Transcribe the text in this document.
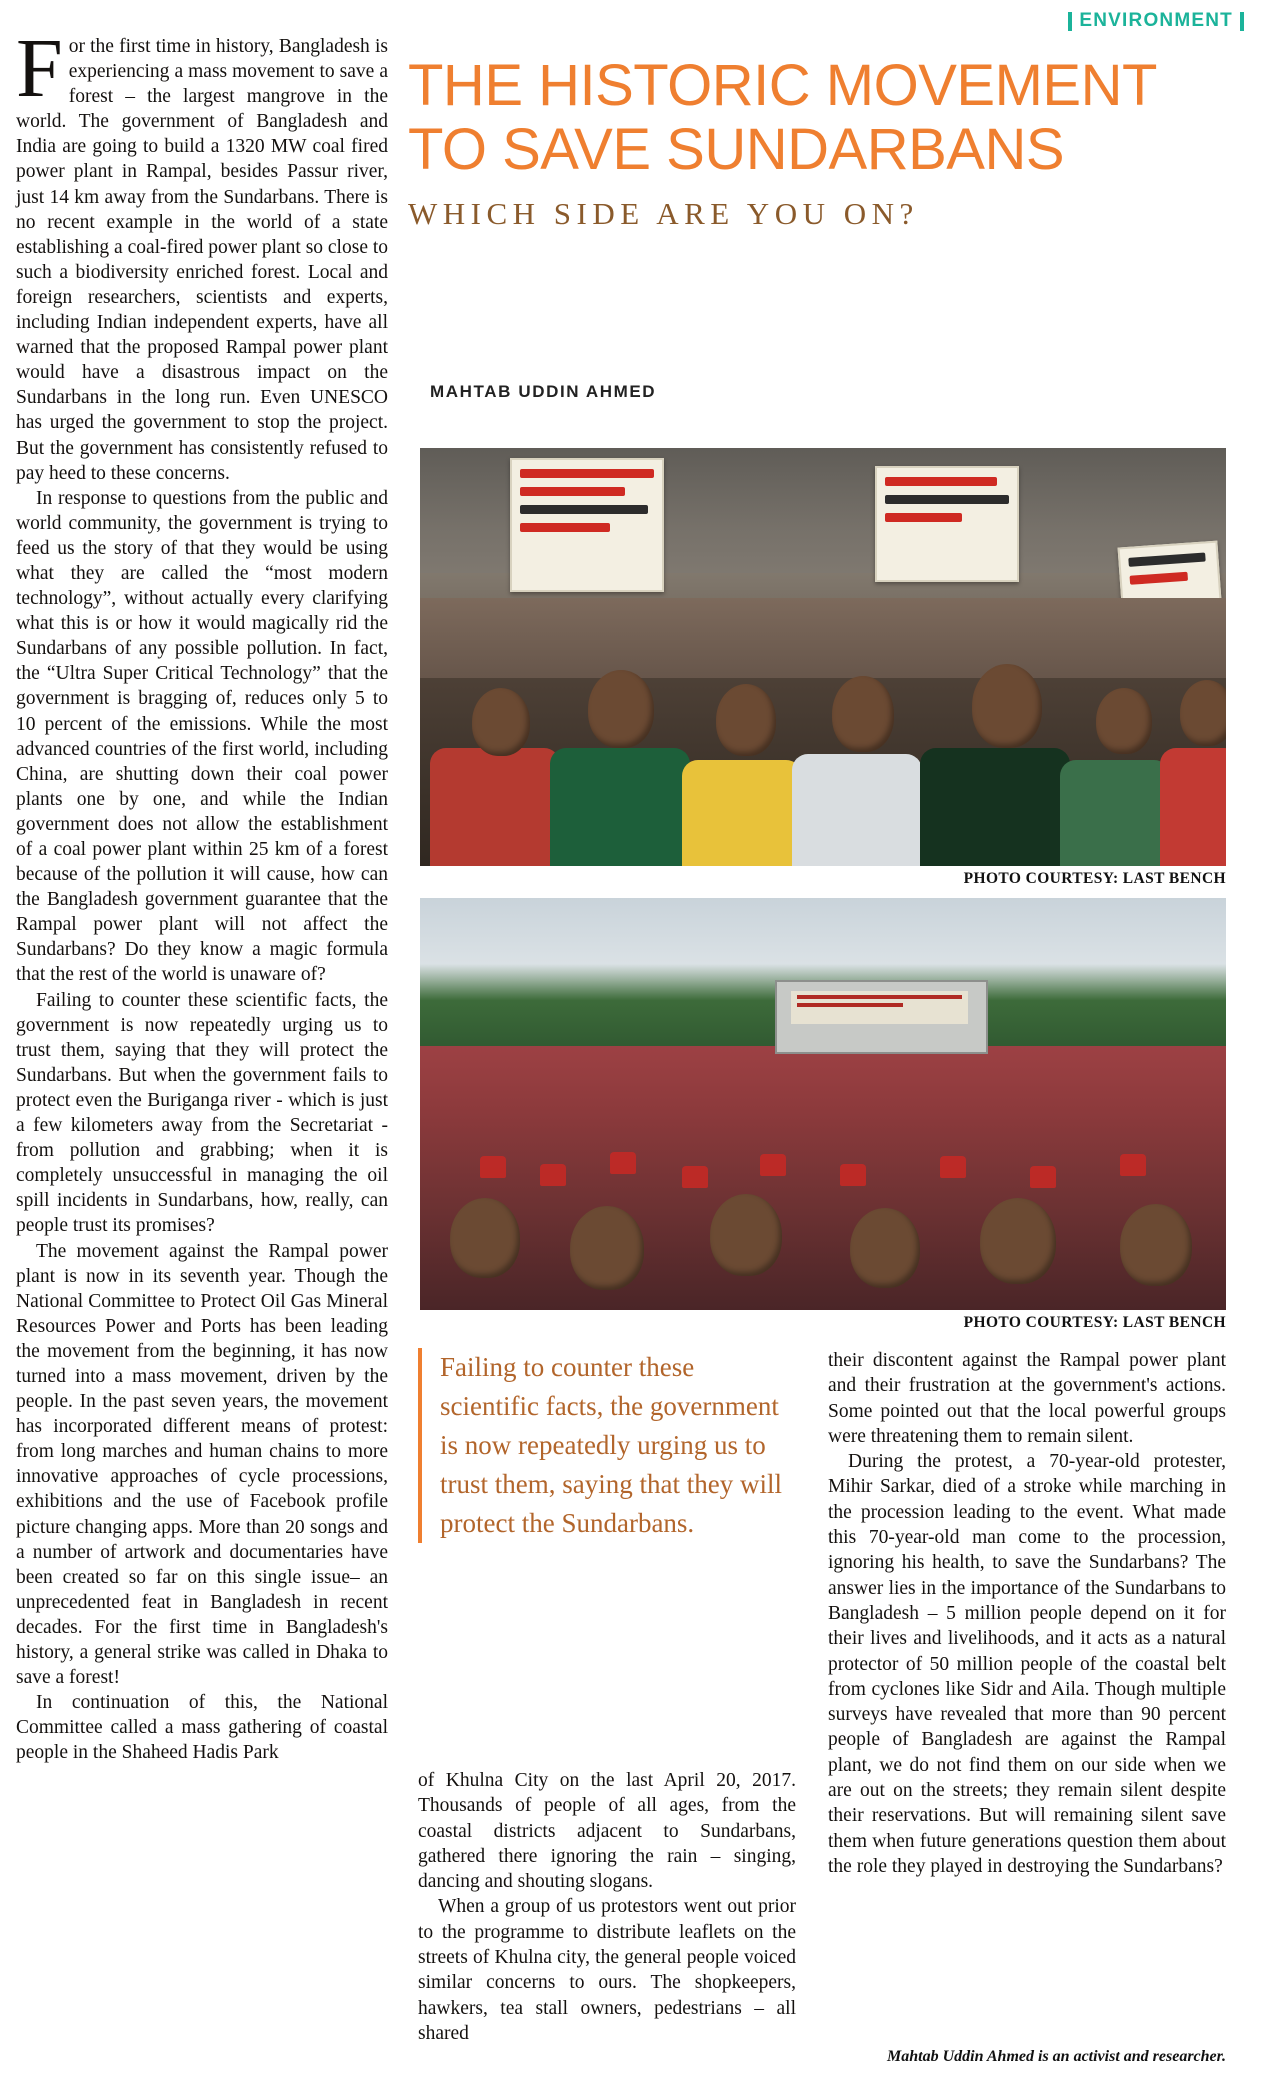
ENVIRONMENT
THE HISTORIC MOVEMENT
TO SAVE SUNDARBANS
WHICH SIDE ARE YOU ON?
MAHTAB UDDIN AHMED
PHOTO COURTESY: LAST BENCH
PHOTO COURTESY: LAST BENCH

For the first time in history, Bangladesh is experiencing a mass movement to save a forest – the largest mangrove in the world. The government of Bangladesh and India are going to build a 1320 MW coal fired power plant in Rampal, besides Passur river, just 14 km away from the Sundarbans. There is no recent example in the world of a state establishing a coal-fired power plant so close to such a biodiversity enriched forest. Local and foreign researchers, scientists and experts, including Indian independent experts, have all warned that the proposed Rampal power plant would have a disastrous impact on the Sundarbans in the long run. Even UNESCO has urged the government to stop the project. But the government has consistently refused to pay heed to these concerns.

In response to questions from the public and world community, the government is trying to feed us the story of that they would be using what they are called the “most modern technology”, without actually every clarifying what this is or how it would magically rid the Sundarbans of any possible pollution. In fact, the “Ultra Super Critical Technology” that the government is bragging of, reduces only 5 to 10 percent of the emissions. While the most advanced countries of the first world, including China, are shutting down their coal power plants one by one, and while the Indian government does not allow the establishment of a coal power plant within 25 km of a forest because of the pollution it will cause, how can the Bangladesh government guarantee that the Rampal power plant will not affect the Sundarbans? Do they know a magic formula that the rest of the world is unaware of?

Failing to counter these scientific facts, the government is now repeatedly urging us to trust them, saying that they will protect the Sundarbans. But when the government fails to protect even the Buriganga river - which is just a few kilometers away from the Secretariat - from pollution and grabbing; when it is completely unsuccessful in managing the oil spill incidents in Sundarbans, how, really, can people trust its promises?

The movement against the Rampal power plant is now in its seventh year. Though the National Committee to Protect Oil Gas Mineral Resources Power and Ports has been leading the movement from the beginning, it has now turned into a mass movement, driven by the people. In the past seven years, the movement has incorporated different means of protest: from long marches and human chains to more innovative approaches of cycle processions, exhibitions and the use of Facebook profile picture changing apps. More than 20 songs and a number of artwork and documentaries have been created so far on this single issue– an unprecedented feat in Bangladesh in recent decades. For the first time in Bangladesh's history, a general strike was called in Dhaka to save a forest!

In continuation of this, the National Committee called a mass gathering of coastal people in the Shaheed Hadis Park

Failing to counter these scientific facts, the government is now repeatedly urging us to trust them, saying that they will protect the Sundarbans.

of Khulna City on the last April 20, 2017. Thousands of people of all ages, from the coastal districts adjacent to Sundarbans, gathered there ignoring the rain – singing, dancing and shouting slogans.

When a group of us protestors went out prior to the programme to distribute leaflets on the streets of Khulna city, the general people voiced similar concerns to ours. The shopkeepers, hawkers, tea stall owners, pedestrians – all shared

their discontent against the Rampal power plant and their frustration at the government's actions. Some pointed out that the local powerful groups were threatening them to remain silent.

During the protest, a 70-year-old protester, Mihir Sarkar, died of a stroke while marching in the procession leading to the event. What made this 70-year-old man come to the procession, ignoring his health, to save the Sundarbans? The answer lies in the importance of the Sundarbans to Bangladesh – 5 million people depend on it for their lives and livelihoods, and it acts as a natural protector of 50 million people of the coastal belt from cyclones like Sidr and Aila. Though multiple surveys have revealed that more than 90 percent people of Bangladesh are against the Rampal plant, we do not find them on our side when we are out on the streets; they remain silent despite their reservations. But will remaining silent save them when future generations question them about the role they played in destroying the Sundarbans?

Mahtab Uddin Ahmed is an activist and researcher.
